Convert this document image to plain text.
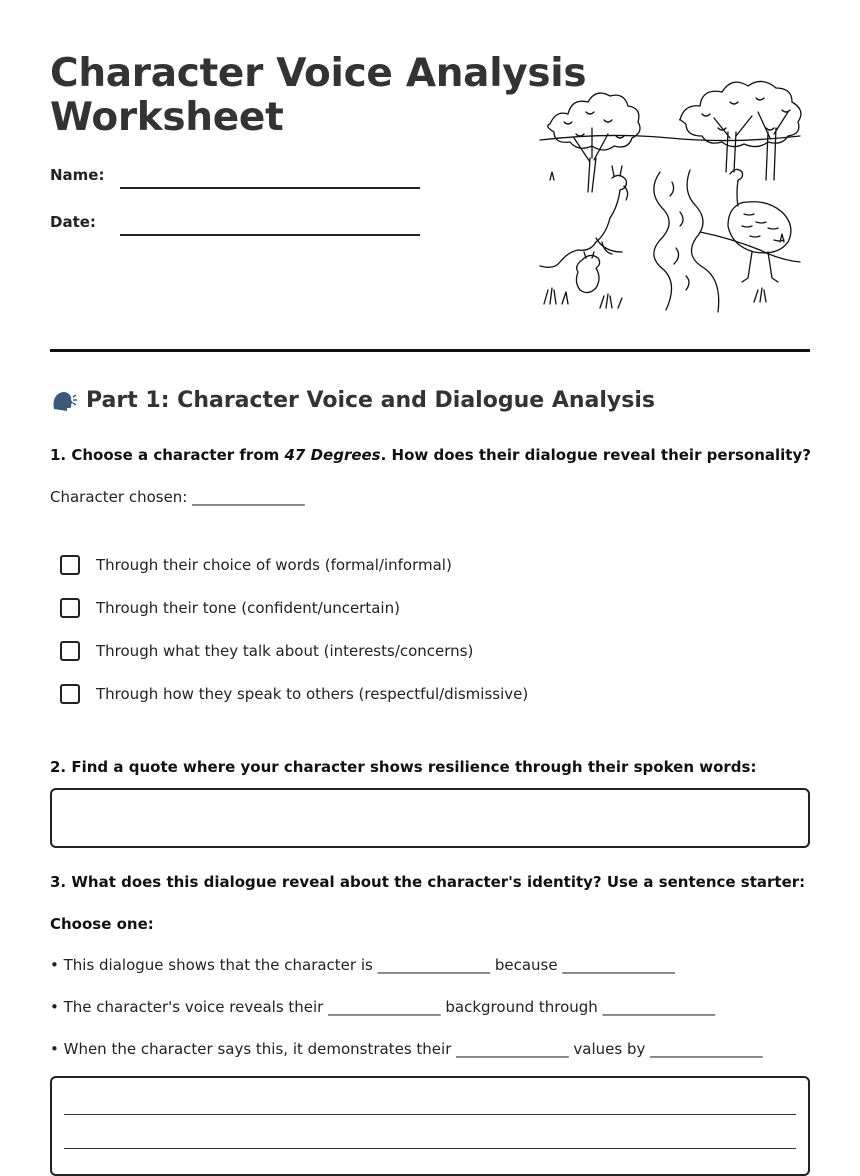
Character Voice Analysis
Worksheet
Name:
Date:
Part 1: Character Voice and Dialogue Analysis
1. Choose a character from 47 Degrees. How does their dialogue reveal their personality?
Character chosen: _______________
Through their choice of words (formal/informal)
Through their tone (confident/uncertain)
Through what they talk about (interests/concerns)
Through how they speak to others (respectful/dismissive)
2. Find a quote where your character shows resilience through their spoken words:
3. What does this dialogue reveal about the character's identity? Use a sentence starter:
Choose one:
• This dialogue shows that the character is _______________ because _______________
• The character's voice reveals their _______________ background through _______________
• When the character says this, it demonstrates their _______________ values by _______________
